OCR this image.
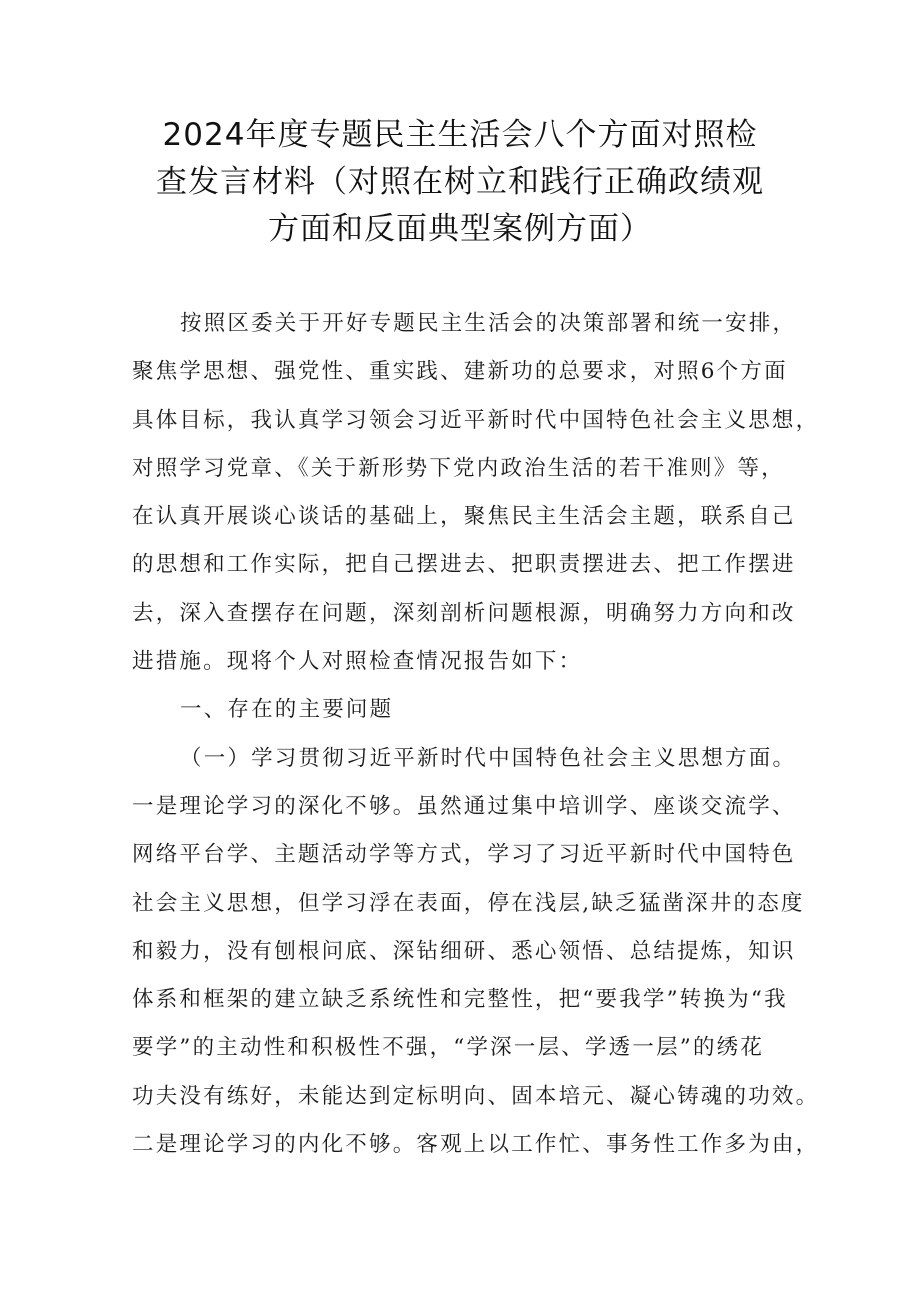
2024年度专题民主生活会八个方面对照检
查发言材料（对照在树立和践行正确政绩观
方面和反面典型案例方面）
按照区委关于开好专题民主生活会的决策部署和统一安排，
聚焦学思想、强党性、重实践、建新功的总要求，对照6个方面
具体目标，我认真学习领会习近平新时代中国特色社会主义思想，
对照学习党章、《关于新形势下党内政治生活的若干准则》等，
在认真开展谈心谈话的基础上，聚焦民主生活会主题，联系自己
的思想和工作实际，把自己摆进去、把职责摆进去、把工作摆进
去，深入查摆存在问题，深刻剖析问题根源，明确努力方向和改
进措施。现将个人对照检查情况报告如下：
一、存在的主要问题
（一）学习贯彻习近平新时代中国特色社会主义思想方面。
一是理论学习的深化不够。虽然通过集中培训学、座谈交流学、
网络平台学、主题活动学等方式，学习了习近平新时代中国特色
社会主义思想，但学习浮在表面，停在浅层,缺乏猛凿深井的态度
和毅力，没有刨根问底、深钻细研、悉心领悟、总结提炼，知识
体系和框架的建立缺乏系统性和完整性，把“要我学”转换为“我
要学”的主动性和积极性不强，“学深一层、学透一层”的绣花
功夫没有练好，未能达到定标明向、固本培元、凝心铸魂的功效。
二是理论学习的内化不够。客观上以工作忙、事务性工作多为由，
